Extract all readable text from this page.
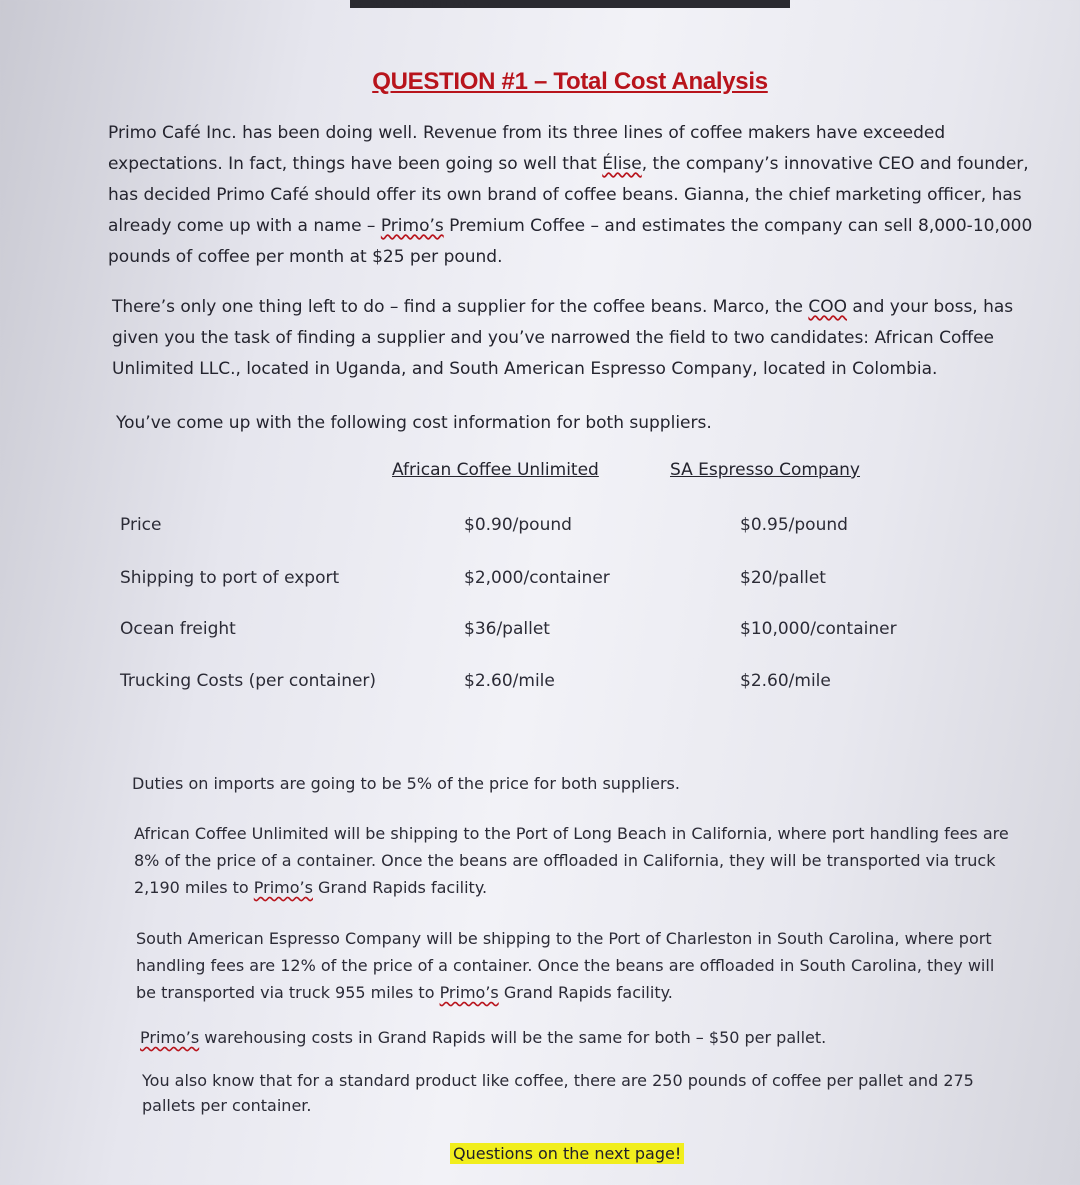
MGT 357: SUPPLY CHAIN MANAGEMENT
QUESTION #1 – Total Cost Analysis
Primo Café Inc. has been doing well. Revenue from its three lines of coffee makers have exceeded expectations. In fact, things have been going so well that Élise, the company’s innovative CEO and founder, has decided Primo Café should offer its own brand of coffee beans. Gianna, the chief marketing officer, has already come up with a name – Primo’s Premium Coffee – and estimates the company can sell 8,000-10,000 pounds of coffee per month at $25 per pound.
There’s only one thing left to do – find a supplier for the coffee beans. Marco, the COO and your boss, has given you the task of finding a supplier and you’ve narrowed the field to two candidates: African Coffee Unlimited LLC., located in Uganda, and South American Espresso Company, located in Colombia.
You’ve come up with the following cost information for both suppliers.
African Coffee Unlimited	SA Espresso Company
Price	$0.90/pound	$0.95/pound
Shipping to port of export	$2,000/container	$20/pallet
Ocean freight	$36/pallet	$10,000/container
Trucking Costs (per container)	$2.60/mile	$2.60/mile
Duties on imports are going to be 5% of the price for both suppliers.
African Coffee Unlimited will be shipping to the Port of Long Beach in California, where port handling fees are 8% of the price of a container. Once the beans are offloaded in California, they will be transported via truck 2,190 miles to Primo’s Grand Rapids facility.
South American Espresso Company will be shipping to the Port of Charleston in South Carolina, where port handling fees are 12% of the price of a container. Once the beans are offloaded in South Carolina, they will be transported via truck 955 miles to Primo’s Grand Rapids facility.
Primo’s warehousing costs in Grand Rapids will be the same for both – $50 per pallet.
You also know that for a standard product like coffee, there are 250 pounds of coffee per pallet and 275 pallets per container.
Questions on the next page!
